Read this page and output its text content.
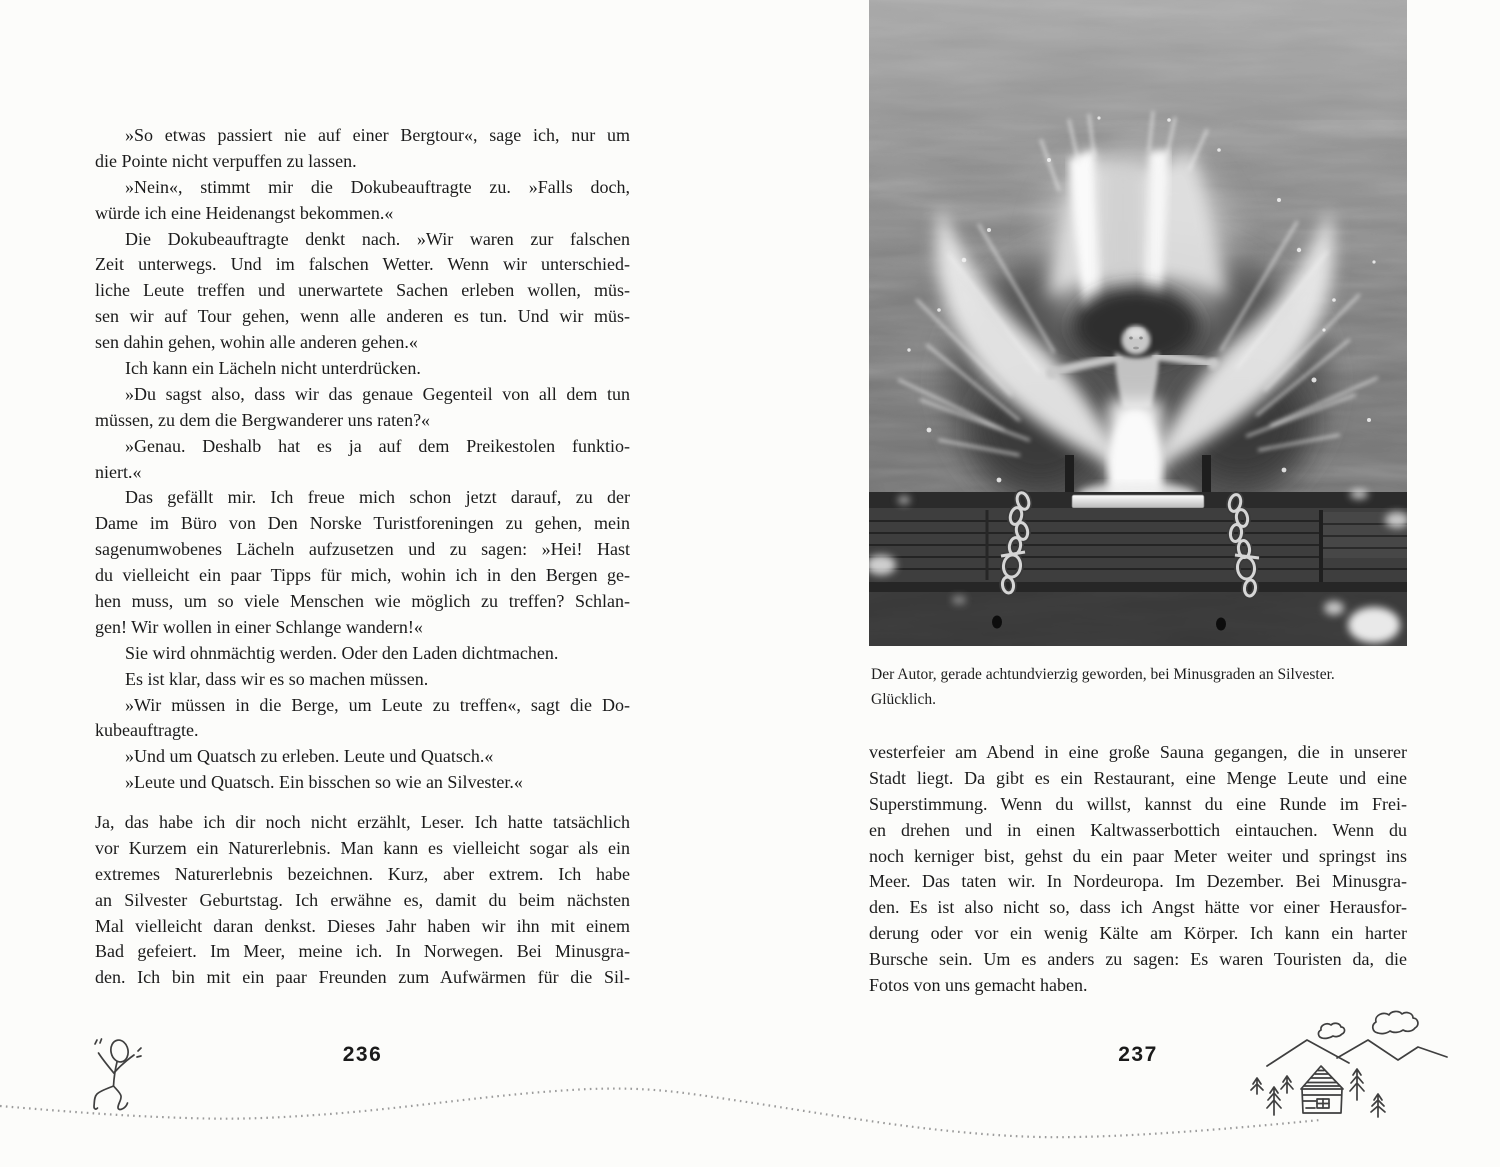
»So etwas passiert nie auf einer Bergtour«, sage ich, nur um
die Pointe nicht verpuffen zu lassen.
»Nein«, stimmt mir die Dokubeauftragte zu. »Falls doch,
würde ich eine Heidenangst bekommen.«
Die Dokubeauftragte denkt nach. »Wir waren zur falschen
Zeit unterwegs. Und im falschen Wetter. Wenn wir unterschied-
liche Leute treffen und unerwartete Sachen erleben wollen, müs-
sen wir auf Tour gehen, wenn alle anderen es tun. Und wir müs-
sen dahin gehen, wohin alle anderen gehen.«
Ich kann ein Lächeln nicht unterdrücken.
»Du sagst also, dass wir das genaue Gegenteil von all dem tun
müssen, zu dem die Bergwanderer uns raten?«
»Genau. Deshalb hat es ja auf dem Preikestolen funktio-
niert.«
Das gefällt mir. Ich freue mich schon jetzt darauf, zu der
Dame im Büro von Den Norske Turistforeningen zu gehen, mein
sagenumwobenes Lächeln aufzusetzen und zu sagen: »Hei! Hast
du vielleicht ein paar Tipps für mich, wohin ich in den Bergen ge-
hen muss, um so viele Menschen wie möglich zu treffen? Schlan-
gen! Wir wollen in einer Schlange wandern!«
Sie wird ohnmächtig werden. Oder den Laden dichtmachen.
Es ist klar, dass wir es so machen müssen.
»Wir müssen in die Berge, um Leute zu treffen«, sagt die Do-
kubeauftragte.
»Und um Quatsch zu erleben. Leute und Quatsch.«
»Leute und Quatsch. Ein bisschen so wie an Silvester.«
Ja, das habe ich dir noch nicht erzählt, Leser. Ich hatte tatsächlich
vor Kurzem ein Naturerlebnis. Man kann es vielleicht sogar als ein
extremes Naturerlebnis bezeichnen. Kurz, aber extrem. Ich habe
an Silvester Geburtstag. Ich erwähne es, damit du beim nächsten
Mal vielleicht daran denkst. Dieses Jahr haben wir ihn mit einem
Bad gefeiert. Im Meer, meine ich. In Norwegen. Bei Minusgra-
den. Ich bin mit ein paar Freunden zum Aufwärmen für die Sil-
236
Der Autor, gerade achtundvierzig geworden, bei Minusgraden an Silvester.
Glücklich.
vesterfeier am Abend in eine große Sauna gegangen, die in unserer
Stadt liegt. Da gibt es ein Restaurant, eine Menge Leute und eine
Superstimmung. Wenn du willst, kannst du eine Runde im Frei-
en drehen und in einen Kaltwasserbottich eintauchen. Wenn du
noch kerniger bist, gehst du ein paar Meter weiter und springst ins
Meer. Das taten wir. In Nordeuropa. Im Dezember. Bei Minusgra-
den. Es ist also nicht so, dass ich Angst hätte vor einer Herausfor-
derung oder vor ein wenig Kälte am Körper. Ich kann ein harter
Bursche sein. Um es anders zu sagen: Es waren Touristen da, die
Fotos von uns gemacht haben.
237
